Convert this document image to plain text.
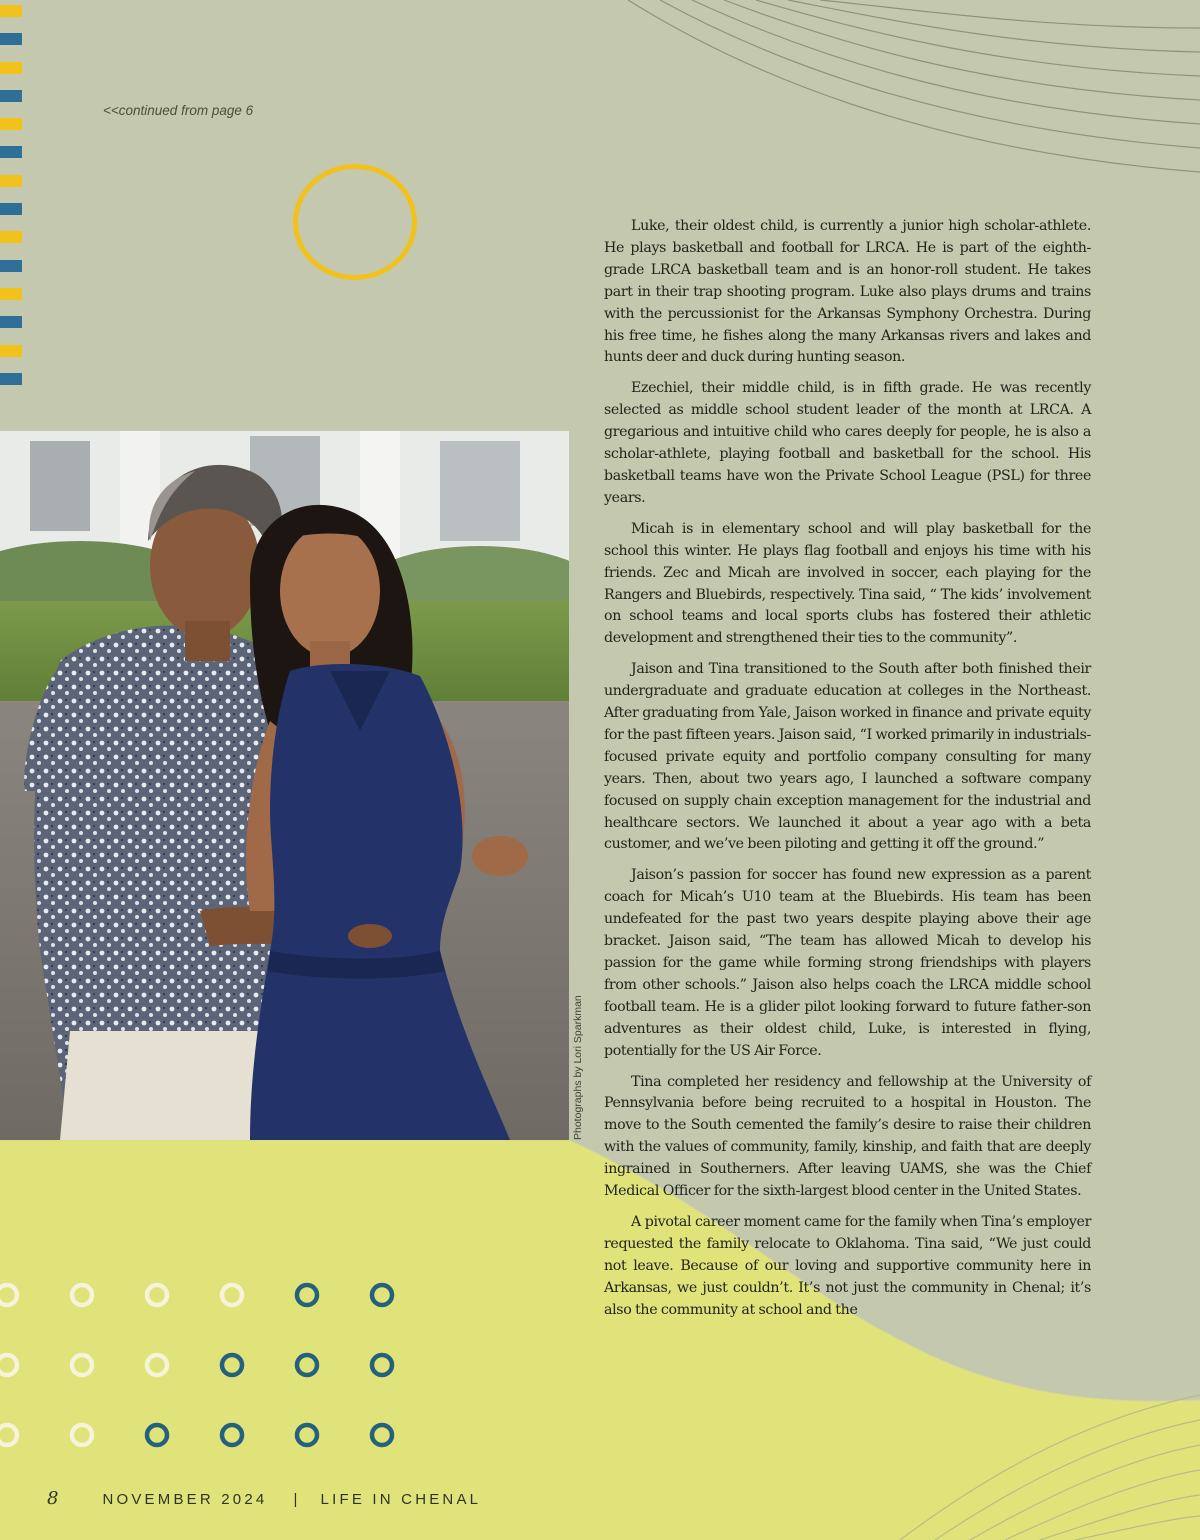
<<continued from page 6
Photographs by Lori Sparkman

Luke, their oldest child, is currently a junior high scholar-athlete. He plays basketball and football for LRCA. He is part of the eighth-grade LRCA basketball team and is an honor-roll student. He takes part in their trap shooting program. Luke also plays drums and trains with the percussionist for the Arkansas Symphony Orchestra. During his free time, he fishes along the many Arkansas rivers and lakes and hunts deer and duck during hunting season.

Ezechiel, their middle child, is in fifth grade. He was recently selected as middle school student leader of the month at LRCA. A gregarious and intuitive child who cares deeply for people, he is also a scholar-athlete, playing football and basketball for the school. His basketball teams have won the Private School League (PSL) for three years.

Micah is in elementary school and will play basketball for the school this winter. He plays flag football and enjoys his time with his friends. Zec and Micah are involved in soccer, each playing for the Rangers and Bluebirds, respectively. Tina said, “ The kids’ involvement on school teams and local sports clubs has fostered their athletic development and strengthened their ties to the community”.

Jaison and Tina transitioned to the South after both finished their undergraduate and graduate education at colleges in the Northeast. After graduating from Yale, Jaison worked in finance and private equity for the past fifteen years. Jaison said, “I worked primarily in industrials-focused private equity and portfolio company consulting for many years. Then, about two years ago, I launched a software company focused on supply chain exception management for the industrial and healthcare sectors. We launched it about a year ago with a beta customer, and we’ve been piloting and getting it off the ground.”

Jaison’s passion for soccer has found new expression as a parent coach for Micah’s U10 team at the Bluebirds. His team has been undefeated for the past two years despite playing above their age bracket. Jaison said, “The team has allowed Micah to develop his passion for the game while forming strong friendships with players from other schools.” Jaison also helps coach the LRCA middle school football team. He is a glider pilot looking forward to future father-son adventures as their oldest child, Luke, is interested in flying, potentially for the US Air Force.

Tina completed her residency and fellowship at the University of Pennsylvania before being recruited to a hospital in Houston. The move to the South cemented the family’s desire to raise their children with the values of community, family, kinship, and faith that are deeply ingrained in Southerners. After leaving UAMS, she was the Chief Medical Officer for the sixth-largest blood center in the United States.

A pivotal career moment came for the family when Tina’s employer requested the family relocate to Oklahoma. Tina said, “We just could not leave. Because of our loving and supportive community here in Arkansas, we just couldn’t. It’s not just the community in Chenal; it’s also the community at school and the

8	NOVEMBER 2024 | LIFE IN CHENAL
